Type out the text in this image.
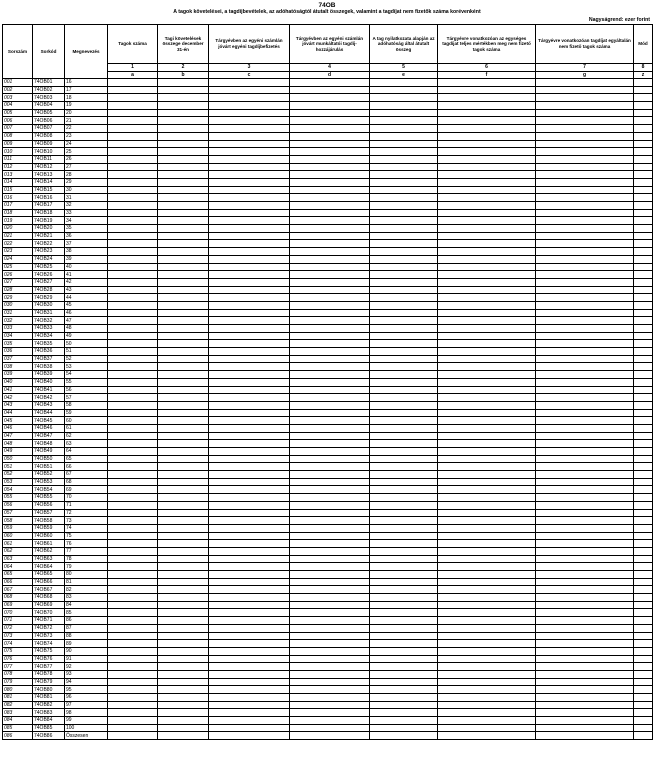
74OB
A tagok követelései, a tagdíjbevételek, az adóhatóságtól átutalt összegek, valamint a tagdíjat nem fizetők száma korévenként
Nagyságrend: ezer forint
Sorszám	Sorkód	Megnevezés	Tagok száma	Tagi követelések összege december 31-én	Tárgyévben az egyéni számlán jóvárt egyéni tagdíjbefizetés	Tárgyévben az egyéni számlán jóvárt munkáltatói tagdíj-hozzájárulás	A tag nyilatkozata alapján az adóhatóság által átutalt összeg	Tárgyévre vonatkozóan az egységes tagdíjat teljes mértékben meg nem fizető tagok száma	Tárgyévre vonatkozóan tagdíjat egyáltalán nem fizető tagok száma	Mód
			1	2	3	4	5	6	7	8
			a	b	c	d	e	f	g	z
001	74OB01	16								
002	74OB02	17								
003	74OB03	18								
004	74OB04	19								
005	74OB05	20								
006	74OB06	21								
007	74OB07	22								
008	74OB08	23								
009	74OB09	24								
010	74OB10	25								
011	74OB11	26								
012	74OB12	27								
013	74OB13	28								
014	74OB14	29								
015	74OB15	30								
016	74OB16	31								
017	74OB17	32								
018	74OB18	33								
019	74OB19	34								
020	74OB20	35								
021	74OB21	36								
022	74OB22	37								
023	74OB23	38								
024	74OB24	39								
025	74OB25	40								
026	74OB26	41								
027	74OB27	42								
028	74OB28	43								
029	74OB29	44								
030	74OB30	45								
031	74OB31	46								
032	74OB32	47								
033	74OB33	48								
034	74OB34	49								
035	74OB35	50								
036	74OB36	51								
037	74OB37	52								
038	74OB38	53								
039	74OB39	54								
040	74OB40	55								
041	74OB41	56								
042	74OB42	57								
043	74OB43	58								
044	74OB44	59								
045	74OB45	60								
046	74OB46	61								
047	74OB47	62								
048	74OB48	63								
049	74OB49	64								
050	74OB50	65								
051	74OB51	66								
052	74OB52	67								
053	74OB53	68								
054	74OB54	69								
055	74OB55	70								
056	74OB56	71								
057	74OB57	72								
058	74OB58	73								
059	74OB59	74								
060	74OB60	75								
061	74OB61	76								
062	74OB62	77								
063	74OB63	78								
064	74OB64	79								
065	74OB65	80								
066	74OB66	81								
067	74OB67	82								
068	74OB68	83								
069	74OB69	84								
070	74OB70	85								
071	74OB71	86								
072	74OB72	87								
073	74OB73	88								
074	74OB74	89								
075	74OB75	90								
076	74OB76	91								
077	74OB77	92								
078	74OB78	93								
079	74OB79	94								
080	74OB80	95								
081	74OB81	96								
082	74OB82	97								
083	74OB83	98								
084	74OB84	99								
085	74OB85	100								
086	74OB86	Összesen								
